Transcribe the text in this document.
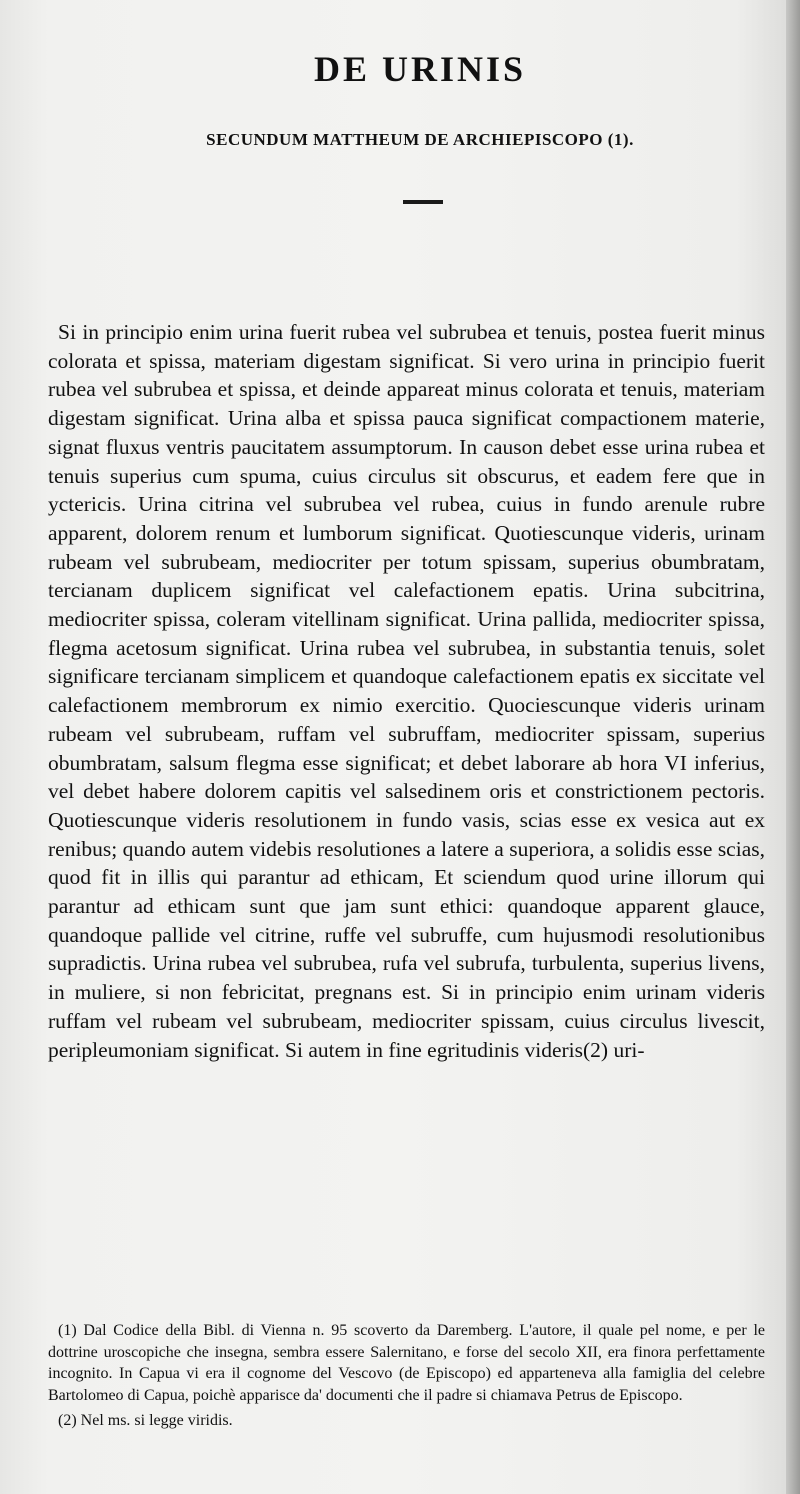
DE URINIS
SECUNDUM MATTHEUM DE ARCHIEPISCOPO (1).

Si in principio enim urina fuerit rubea vel subrubea et tenuis, postea fuerit minus colorata et spissa, materiam digestam significat. Si vero urina in principio fuerit rubea vel subrubea et spissa, et deinde appareat minus colorata et tenuis, materiam digestam significat. Urina alba et spissa pauca significat compactionem materie, signat fluxus ventris paucitatem assumptorum. In causon debet esse urina rubea et tenuis superius cum spuma, cuius circulus sit obscurus, et eadem fere que in yctericis. Urina citrina vel subrubea vel rubea, cuius in fundo arenule rubre apparent, dolorem renum et lumborum significat. Quotiescunque videris, urinam rubeam vel subrubeam, mediocriter per totum spissam, superius obumbratam, tercianam duplicem significat vel calefactionem epatis. Urina subcitrina, mediocriter spissa, coleram vitellinam significat. Urina pallida, mediocriter spissa, flegma acetosum significat. Urina rubea vel subrubea, in substantia tenuis, solet significare tercianam simplicem et quandoque calefactionem epatis ex siccitate vel calefactionem membrorum ex nimio exercitio. Quociescunque videris urinam rubeam vel subrubeam, ruffam vel subruffam, mediocriter spissam, superius obumbratam, salsum flegma esse significat; et debet laborare ab hora VI inferius, vel debet habere dolorem capitis vel salsedinem oris et constrictionem pectoris. Quotiescunque videris resolutionem in fundo vasis, scias esse ex vesica aut ex renibus; quando autem videbis resolutiones a latere a superiora, a solidis esse scias, quod fit in illis qui parantur ad ethicam, Et sciendum quod urine illorum qui parantur ad ethicam sunt que jam sunt ethici: quandoque apparent glauce, quandoque pallide vel citrine, ruffe vel subruffe, cum hujusmodi resolutionibus supradictis. Urina rubea vel subrubea, rufa vel subrufa, turbulenta, superius livens, in muliere, si non febricitat, pregnans est. Si in principio enim urinam videris ruffam vel rubeam vel subrubeam, mediocriter spissam, cuius circulus livescit, peripleumoniam significat. Si autem in fine egritudinis videris(2) uri-

(1) Dal Codice della Bibl. di Vienna n. 95 scoverto da Daremberg. L'autore, il quale pel nome, e per le dottrine uroscopiche che insegna, sembra essere Salernitano, e forse del secolo XII, era finora perfettamente incognito. In Capua vi era il cognome del Vescovo (de Episcopo) ed apparteneva alla famiglia del celebre Bartolomeo di Capua, poichè apparisce da' documenti che il padre si chiamava Petrus de Episcopo.

(2) Nel ms. si legge viridis.
